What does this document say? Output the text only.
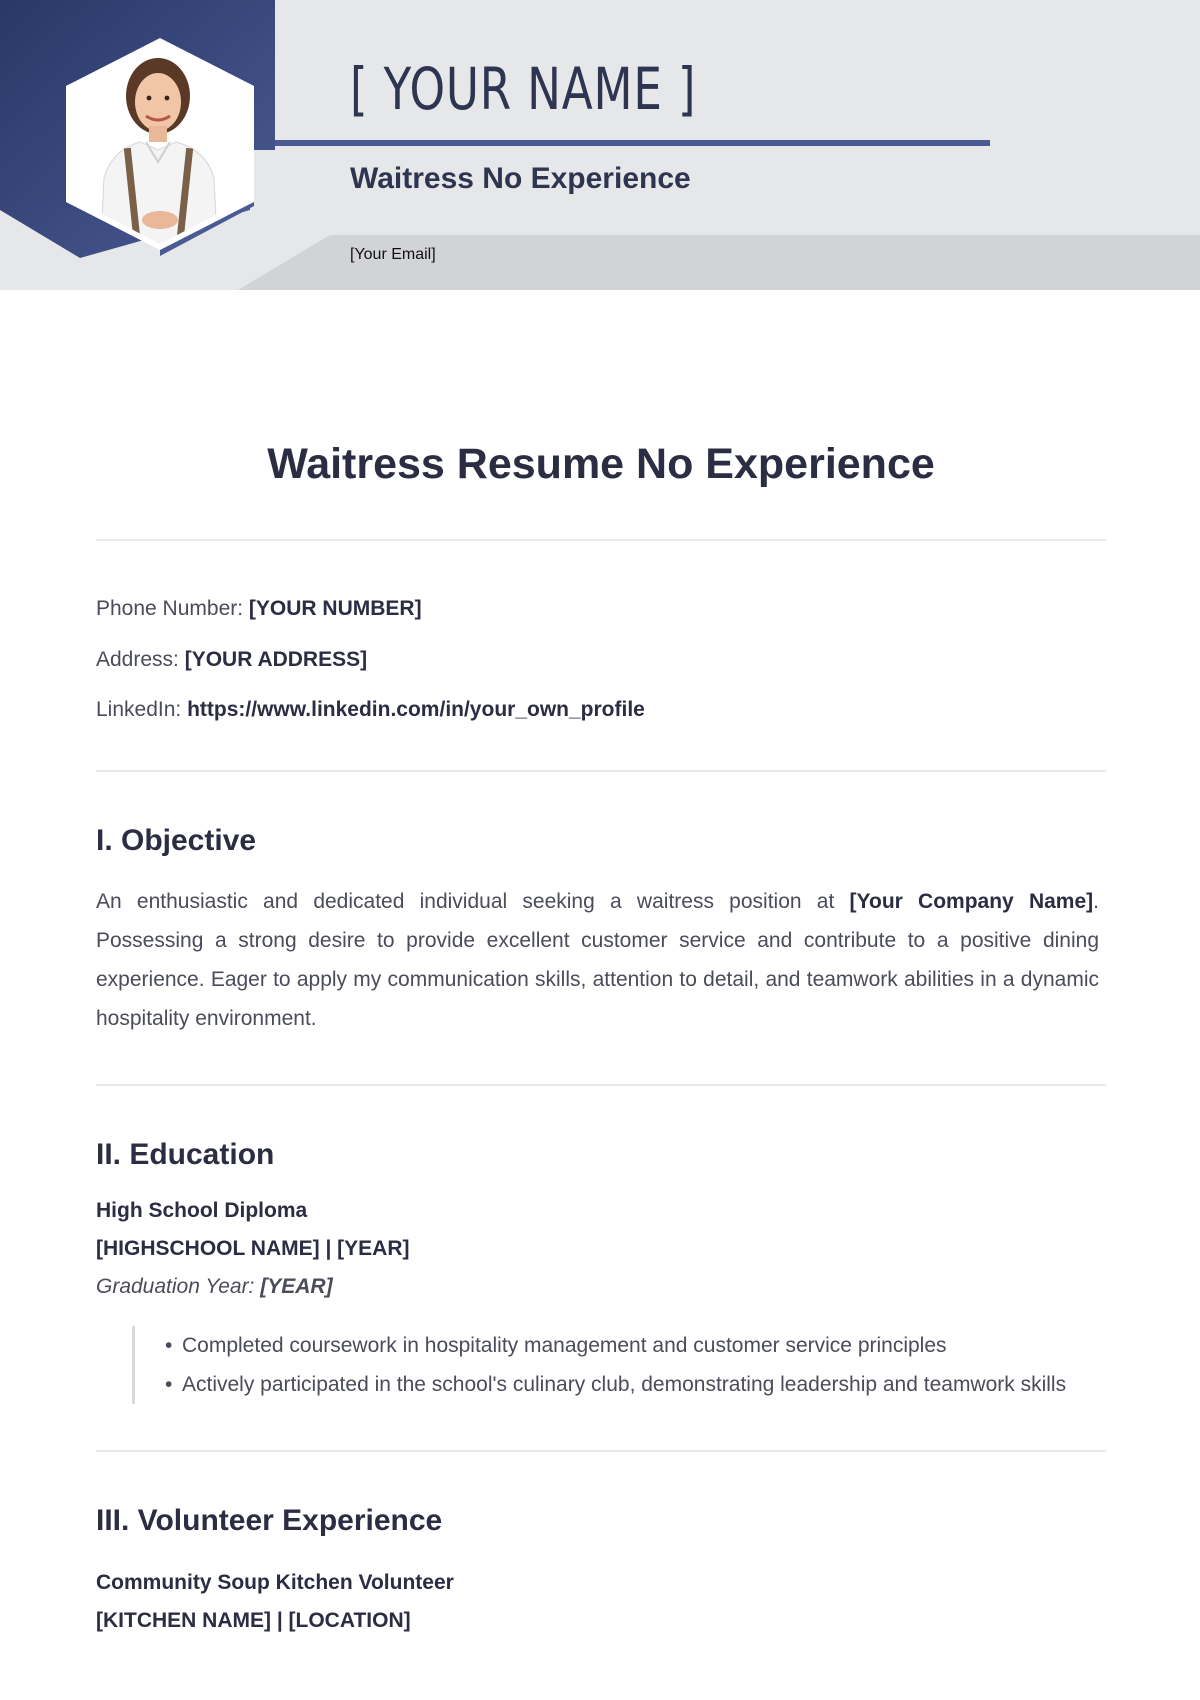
[ YOUR NAME ]
Waitress No Experience
[Your Email]
Waitress Resume No Experience

Phone Number: [YOUR NUMBER]

Address: [YOUR ADDRESS]

LinkedIn: https://www.linkedin.com/in/your_own_profile

I. Objective

An enthusiastic and dedicated individual seeking a waitress position at [Your Company Name]. Possessing a strong desire to provide excellent customer service and contribute to a positive dining experience. Eager to apply my communication skills, attention to detail, and teamwork abilities in a dynamic hospitality environment.

II. Education

High School Diploma

[HIGHSCHOOL NAME] | [YEAR]

Graduation Year: [YEAR]

• Completed coursework in hospitality management and customer service principles
• Actively participated in the school's culinary club, demonstrating leadership and teamwork skills
III. Volunteer Experience

Community Soup Kitchen Volunteer

[KITCHEN NAME] | [LOCATION]
